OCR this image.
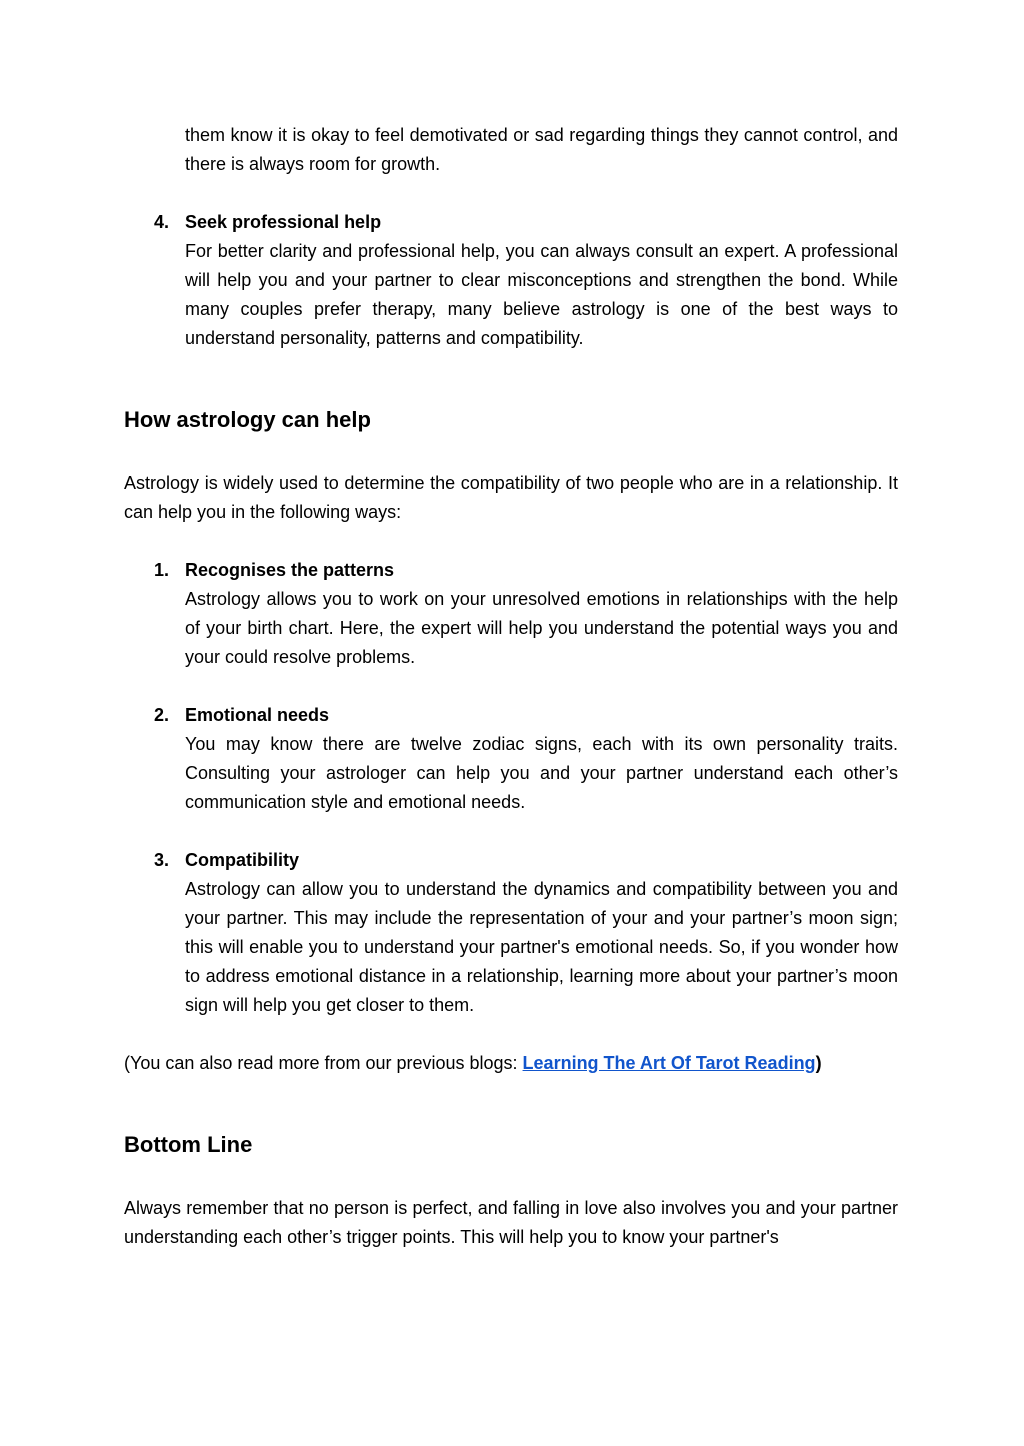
them know it is okay to feel demotivated or sad regarding things they cannot control, and there is always room for growth.

4. Seek professional help
For better clarity and professional help, you can always consult an expert. A professional will help you and your partner to clear misconceptions and strengthen the bond. While many couples prefer therapy, many believe astrology is one of the best ways to understand personality, patterns and compatibility.
How astrology can help

Astrology is widely used to determine the compatibility of two people who are in a relationship. It can help you in the following ways:

1. Recognises the patterns
Astrology allows you to work on your unresolved emotions in relationships with the help of your birth chart. Here, the expert will help you understand the potential ways you and your could resolve problems.
2. Emotional needs
You may know there are twelve zodiac signs, each with its own personality traits. Consulting your astrologer can help you and your partner understand each other’s communication style and emotional needs.
3. Compatibility
Astrology can allow you to understand the dynamics and compatibility between you and your partner. This may include the representation of your and your partner’s moon sign; this will enable you to understand your partner's emotional needs. So, if you wonder how to address emotional distance in a relationship, learning more about your partner’s moon sign will help you get closer to them.

(You can also read more from our previous blogs: Learning The Art Of Tarot Reading)

Bottom Line

Always remember that no person is perfect, and falling in love also involves you and your partner understanding each other’s trigger points. This will help you to know your partner's
